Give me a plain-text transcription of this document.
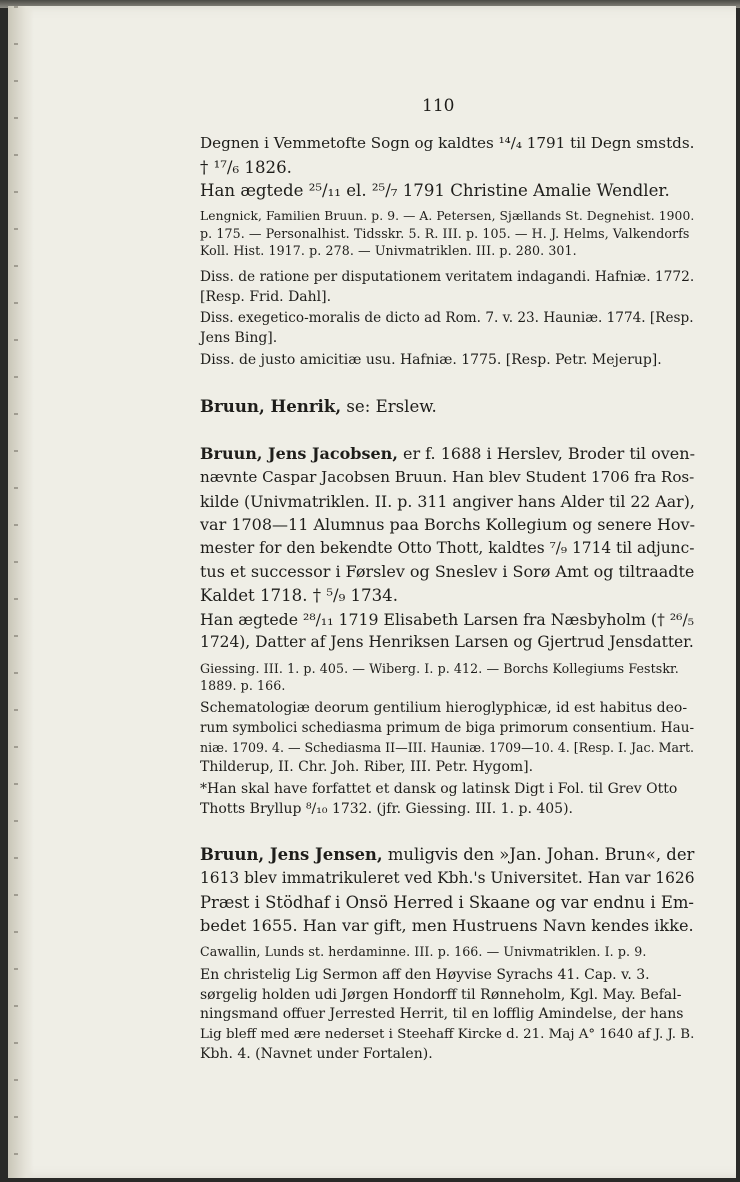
110

Degnen i Vemmetofte Sogn og kaldtes ¹⁴/₄ 1791 til Degn smstds.
† ¹⁷/₆ 1826.
Han ægtede ²⁵/₁₁ el. ²⁵/₇ 1791 Christine Amalie Wendler.

Lengnick, Familien Bruun. p. 9. — A. Petersen, Sjællands St. Degnehist. 1900.
p. 175. — Personalhist. Tidsskr. 5. R. III. p. 105. — H. J. Helms, Valkendorfs
Koll. Hist. 1917. p. 278. — Univmatriklen. III. p. 280. 301.
Diss. de ratione per disputationem veritatem indagandi. Hafniæ. 1772.
[Resp. Frid. Dahl].
Diss. exegetico-moralis de dicto ad Rom. 7. v. 23. Hauniæ. 1774. [Resp.
Jens Bing].
Diss. de justo amicitiæ usu. Hafniæ. 1775. [Resp. Petr. Mejerup].

Bruun, Henrik, se: Erslew.

Bruun, Jens Jacobsen, er f. 1688 i Herslev, Broder til oven-
nævnte Caspar Jacobsen Bruun. Han blev Student 1706 fra Ros-
kilde (Univmatriklen. II. p. 311 angiver hans Alder til 22 Aar),
var 1708—11 Alumnus paa Borchs Kollegium og senere Hov-
mester for den bekendte Otto Thott, kaldtes ⁷/₉ 1714 til adjunc-
tus et successor i Førslev og Sneslev i Sorø Amt og tiltraadte
Kaldet 1718. † ⁵/₉ 1734.
Han ægtede ²⁸/₁₁ 1719 Elisabeth Larsen fra Næsbyholm († ²⁶/₅
1724), Datter af Jens Henriksen Larsen og Gjertrud Jensdatter.

Giessing. III. 1. p. 405. — Wiberg. I. p. 412. — Borchs Kollegiums Festskr.
1889. p. 166.
Schematologiæ deorum gentilium hieroglyphicæ, id est habitus deo-
rum symbolici schediasma primum de biga primorum consentium. Hau-
niæ. 1709. 4. — Schediasma II—III. Hauniæ. 1709—10. 4. [Resp. I. Jac. Mart.
Thilderup, II. Chr. Joh. Riber, III. Petr. Hygom].
*Han skal have forfattet et dansk og latinsk Digt i Fol. til Grev Otto
Thotts Bryllup ⁸/₁₀ 1732. (jfr. Giessing. III. 1. p. 405).

Bruun, Jens Jensen, muligvis den »Jan. Johan. Brun«, der
1613 blev immatrikuleret ved Kbh.'s Universitet. Han var 1626
Præst i Stödhaf i Onsö Herred i Skaane og var endnu i Em-
bedet 1655. Han var gift, men Hustruens Navn kendes ikke.

Cawallin, Lunds st. herdaminne. III. p. 166. — Univmatriklen. I. p. 9.
En christelig Lig Sermon aff den Høyvise Syrachs 41. Cap. v. 3.
sørgelig holden udi Jørgen Hondorff til Rønneholm, Kgl. May. Befal-
ningsmand offuer Jerrested Herrit, til en lofflig Amindelse, der hans
Lig bleff med ære nederset i Steehaff Kircke d. 21. Maj A° 1640 af J. J. B.
Kbh. 4. (Navnet under Fortalen).
